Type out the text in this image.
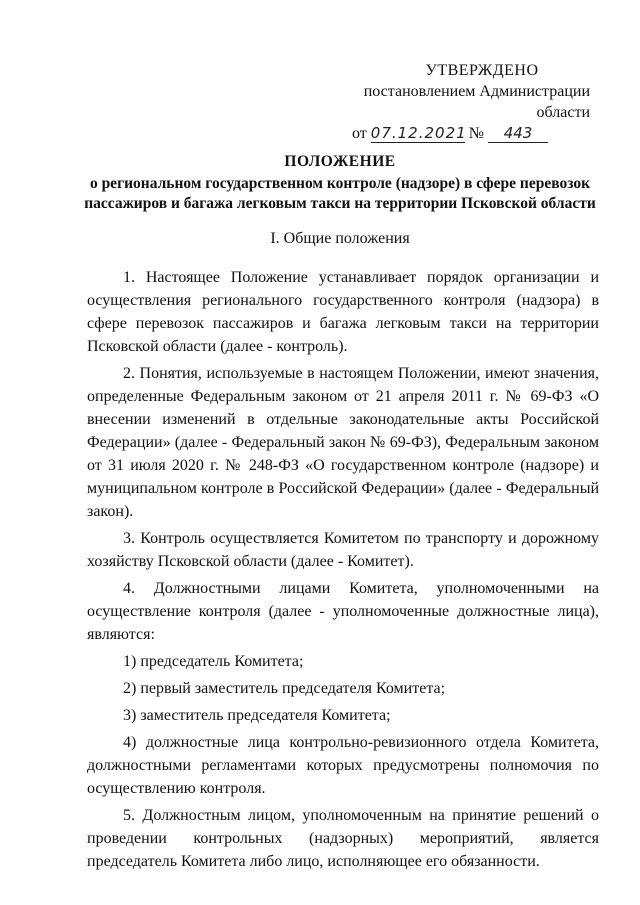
УТВЕРЖДЕНО
постановлением Администрации области
от 07.12.2021 № 443
ПОЛОЖЕНИЕ
о региональном государственном контроле (надзоре) в сфере перевозок
пассажиров и багажа легковым такси на территории Псковской области
I. Общие положения

1. Настоящее Положение устанавливает порядок организации и осуществления регионального государственного контроля (надзора) в сфере перевозок пассажиров и багажа легковым такси на территории Псковской области (далее - контроль).

2. Понятия, используемые в настоящем Положении, имеют значения, определенные Федеральным законом от 21 апреля 2011 г. № 69-ФЗ «О внесении изменений в отдельные законодательные акты Российской Федерации» (далее - Федеральный закон № 69-ФЗ), Федеральным законом от 31 июля 2020 г. № 248-ФЗ «О государственном контроле (надзоре) и муниципальном контроле в Российской Федерации» (далее - Федеральный закон).

3. Контроль осуществляется Комитетом по транспорту и дорожному хозяйству Псковской области (далее - Комитет).

4. Должностными лицами Комитета, уполномоченными на осуществление контроля (далее - уполномоченные должностные лица), являются:

1) председатель Комитета;

2) первый заместитель председателя Комитета;

3) заместитель председателя Комитета;

4) должностные лица контрольно-ревизионного отдела Комитета, должностными регламентами которых предусмотрены полномочия по осуществлению контроля.

5. Должностным лицом, уполномоченным на принятие решений о проведении контрольных (надзорных) мероприятий, является председатель Комитета либо лицо, исполняющее его обязанности.
